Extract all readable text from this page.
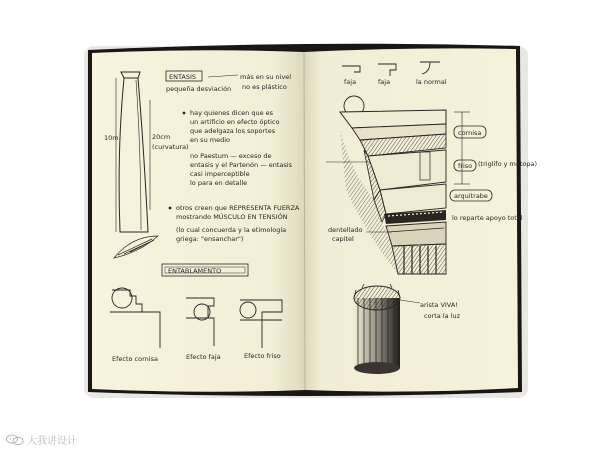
10m	20cm
(curvatura)
ENTASIS
pequeña desviación
más en su nivel
no es plástico
hay quienes dicen que es
un artificio en efecto óptico
que adelgaza los soportes
en su medio
no Paestum — exceso de
entasis y el Partenón — entasis
casi imperceptible
lo para en detalle
otros creen que REPRESENTA FUERZA
mostrando MÚSCULO EN TENSIÓN
(lo cual concuerda y la etimología
griega: "ensanchar")
ENTABLAMENTO
Efecto cornisa	Efecto faja	Efecto friso
faja	faja	la normal
cornisa
friso (triglifo y metopa)
arquitrabe
lo reparte apoyo total
dentellado
capitel
arista VIVA!
corta la luz
大我讲设计
